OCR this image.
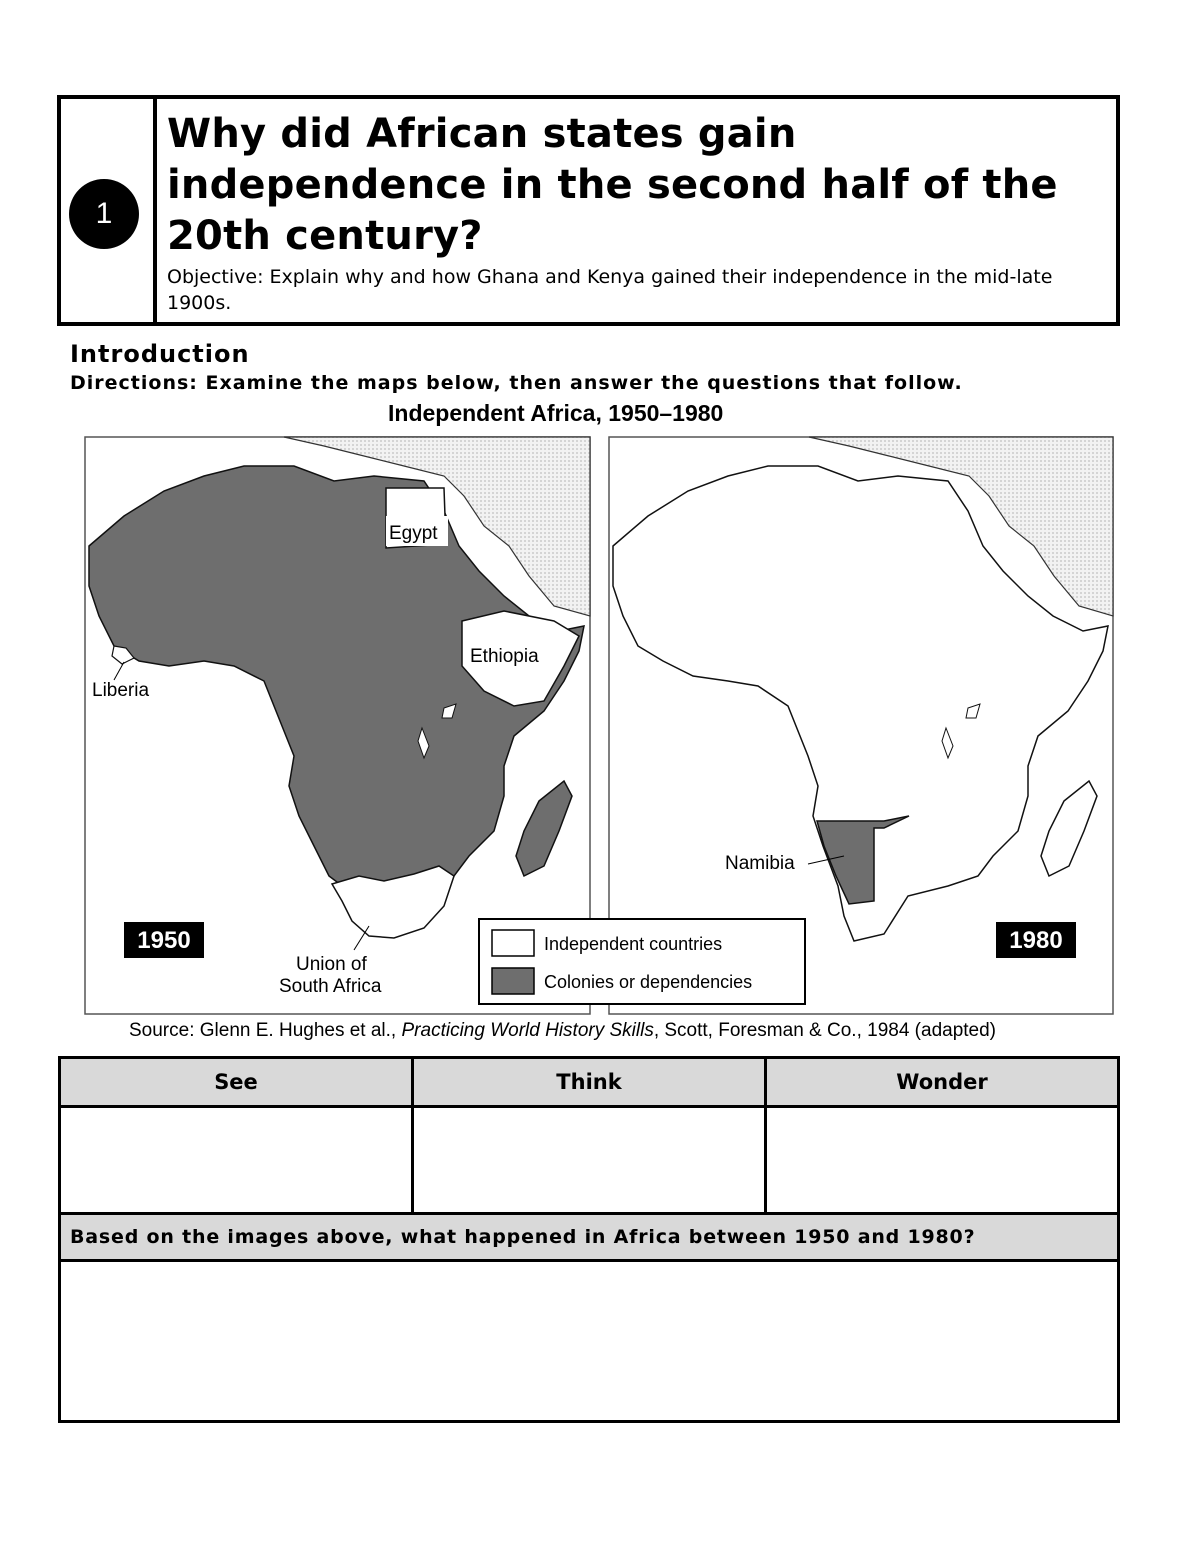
1
Why did African states gain independence in the second half of the 20th century?

Objective: Explain why and how Ghana and Kenya gained their independence in the mid-late 1900s.

Introduction
Directions: Examine the maps below, then answer the questions that follow.
Independent Africa, 1950–1980
Egypt
Ethiopia
Liberia
Union of
South Africa
1950
Namibia
1980
Independent countries
Colonies or dependencies
Source: Glenn E. Hughes et al., Practicing World History Skills, Scott, Foresman & Co., 1984 (adapted)
See	Think	Wonder

Based on the images above, what happened in Africa between 1950 and 1980?		
